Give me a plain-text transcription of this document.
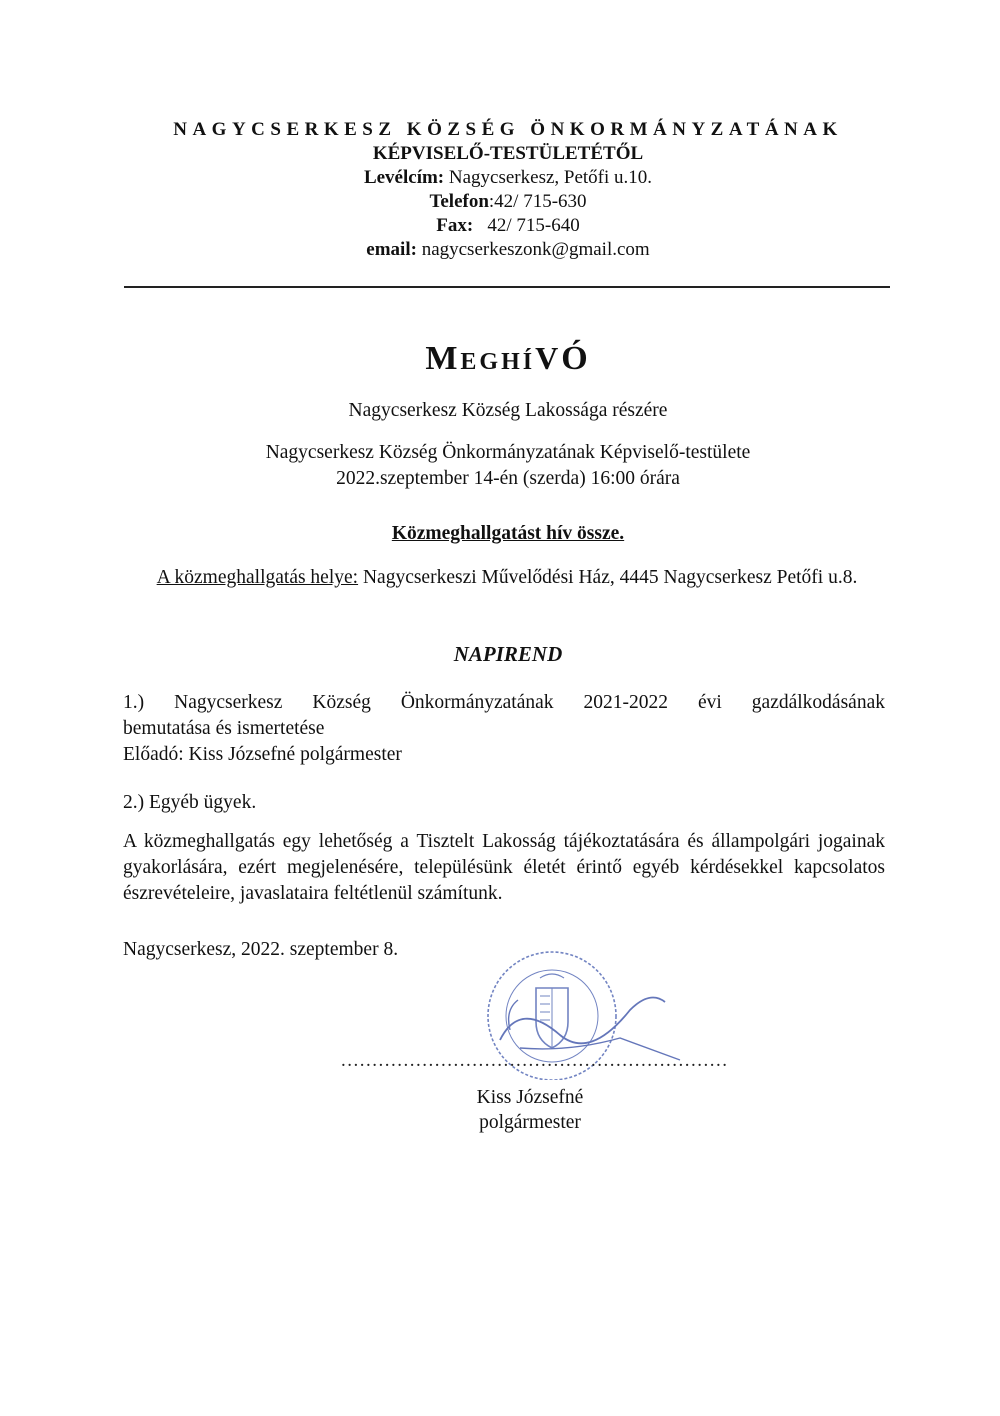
NAGYCSERKESZ KÖZSÉG ÖNKORMÁNYZATÁNAK
KÉPVISELŐ-TESTÜLETÉTŐL
Levélcím: Nagycserkesz, Petőfi u.10.
Telefon:42/ 715-630
Fax:   42/ 715-640
email: nagycserkeszonk@gmail.com
MEGHÍVÓ
Nagycserkesz Község Lakossága részére
Nagycserkesz Község Önkormányzatának Képviselő-testülete
2022.szeptember 14-én (szerda) 16:00 órára
Közmeghallgatást hív össze.
A közmeghallgatás helye: Nagycserkeszi Művelődési Ház, 4445 Nagycserkesz Petőfi u.8.
NAPIREND
1.) Nagycserkesz Község Önkormányzatának 2021-2022 évi gazdálkodásának
bemutatása és ismertetése
Előadó: Kiss Józsefné polgármester
2.) Egyéb ügyek.
A közmeghallgatás egy lehetőség a Tisztelt Lakosság tájékoztatására és állampolgári jogainak gyakorlására, ezért megjelenésére, településünk életét érintő egyéb kérdésekkel kapcsolatos észrevételeire, javaslataira feltétlenül számítunk.
Nagycserkesz, 2022. szeptember 8.
..............................................................
Kiss Józsefné
polgármester
